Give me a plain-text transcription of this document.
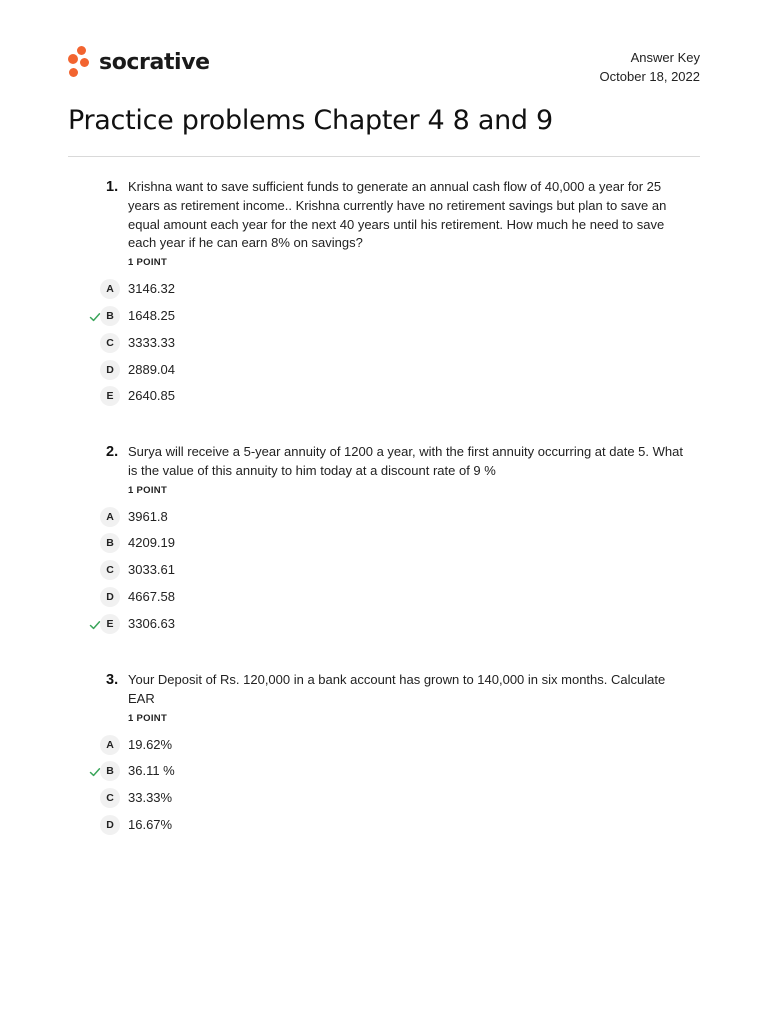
socrative	Answer Key
October 18, 2022
Practice problems Chapter 4 8 and 9
1. Krishna want to save sufficient funds to generate an annual cash flow of 40,000 a year for 25 years as retirement income.. Krishna currently have no retirement savings but plan to save an equal amount each year for the next 40 years until his retirement. How much he need to save each year if he can earn 8% on savings?
1 POINT
A	3146.32
B	1648.25
C	3333.33
D	2889.04
E	2640.85
2. Surya will receive a 5-year annuity of 1200 a year, with the first annuity occurring at date 5. What is the value of this annuity to him today at a discount rate of 9 %
1 POINT
A	3961.8
B	4209.19
C	3033.61
D	4667.58
E	3306.63
3. Your Deposit of Rs. 120,000 in a bank account has grown to 140,000 in six months. Calculate EAR
1 POINT
A	19.62%
B	36.11 %
C	33.33%
D	16.67%
